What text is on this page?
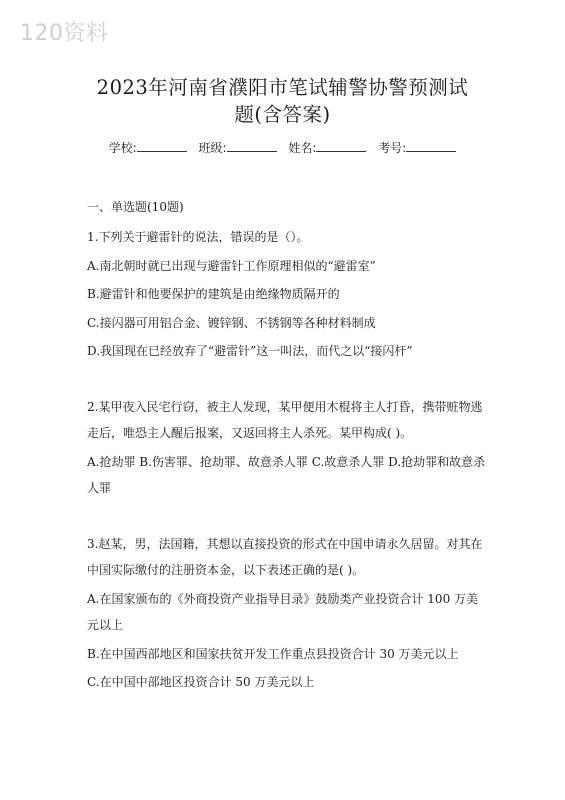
120资料
2023年河南省濮阳市笔试辅警协警预测试
题(含答案)
学校:	班级:	姓名:	考号:
一、单选题(10题)
1.下列关于避雷针的说法，错误的是（）。
A.南北朝时就已出现与避雷针工作原理相似的“避雷室”
B.避雷针和他要保护的建筑是由绝缘物质隔开的
C.接闪器可用铝合金、镀锌钢、不锈钢等各种材料制成
D.我国现在已经放弃了“避雷针”这一叫法，而代之以“接闪杆”
2.某甲夜入民宅行窃，被主人发现，某甲便用木棍将主人打昏，携带赃物逃走后，唯恐主人醒后报案，又返回将主人杀死。某甲构成( )。
A.抢劫罪 B.伤害罪、抢劫罪、故意杀人罪 C.故意杀人罪 D.抢劫罪和故意杀人罪
3.赵某，男，法国籍，其想以直接投资的形式在中国申请永久居留。对其在中国实际缴付的注册资本金，以下表述正确的是( )。
A.在国家颁布的《外商投资产业指导目录》鼓励类产业投资合计 100 万美元以上
B.在中国西部地区和国家扶贫开发工作重点县投资合计 30 万美元以上
C.在中国中部地区投资合计 50 万美元以上
